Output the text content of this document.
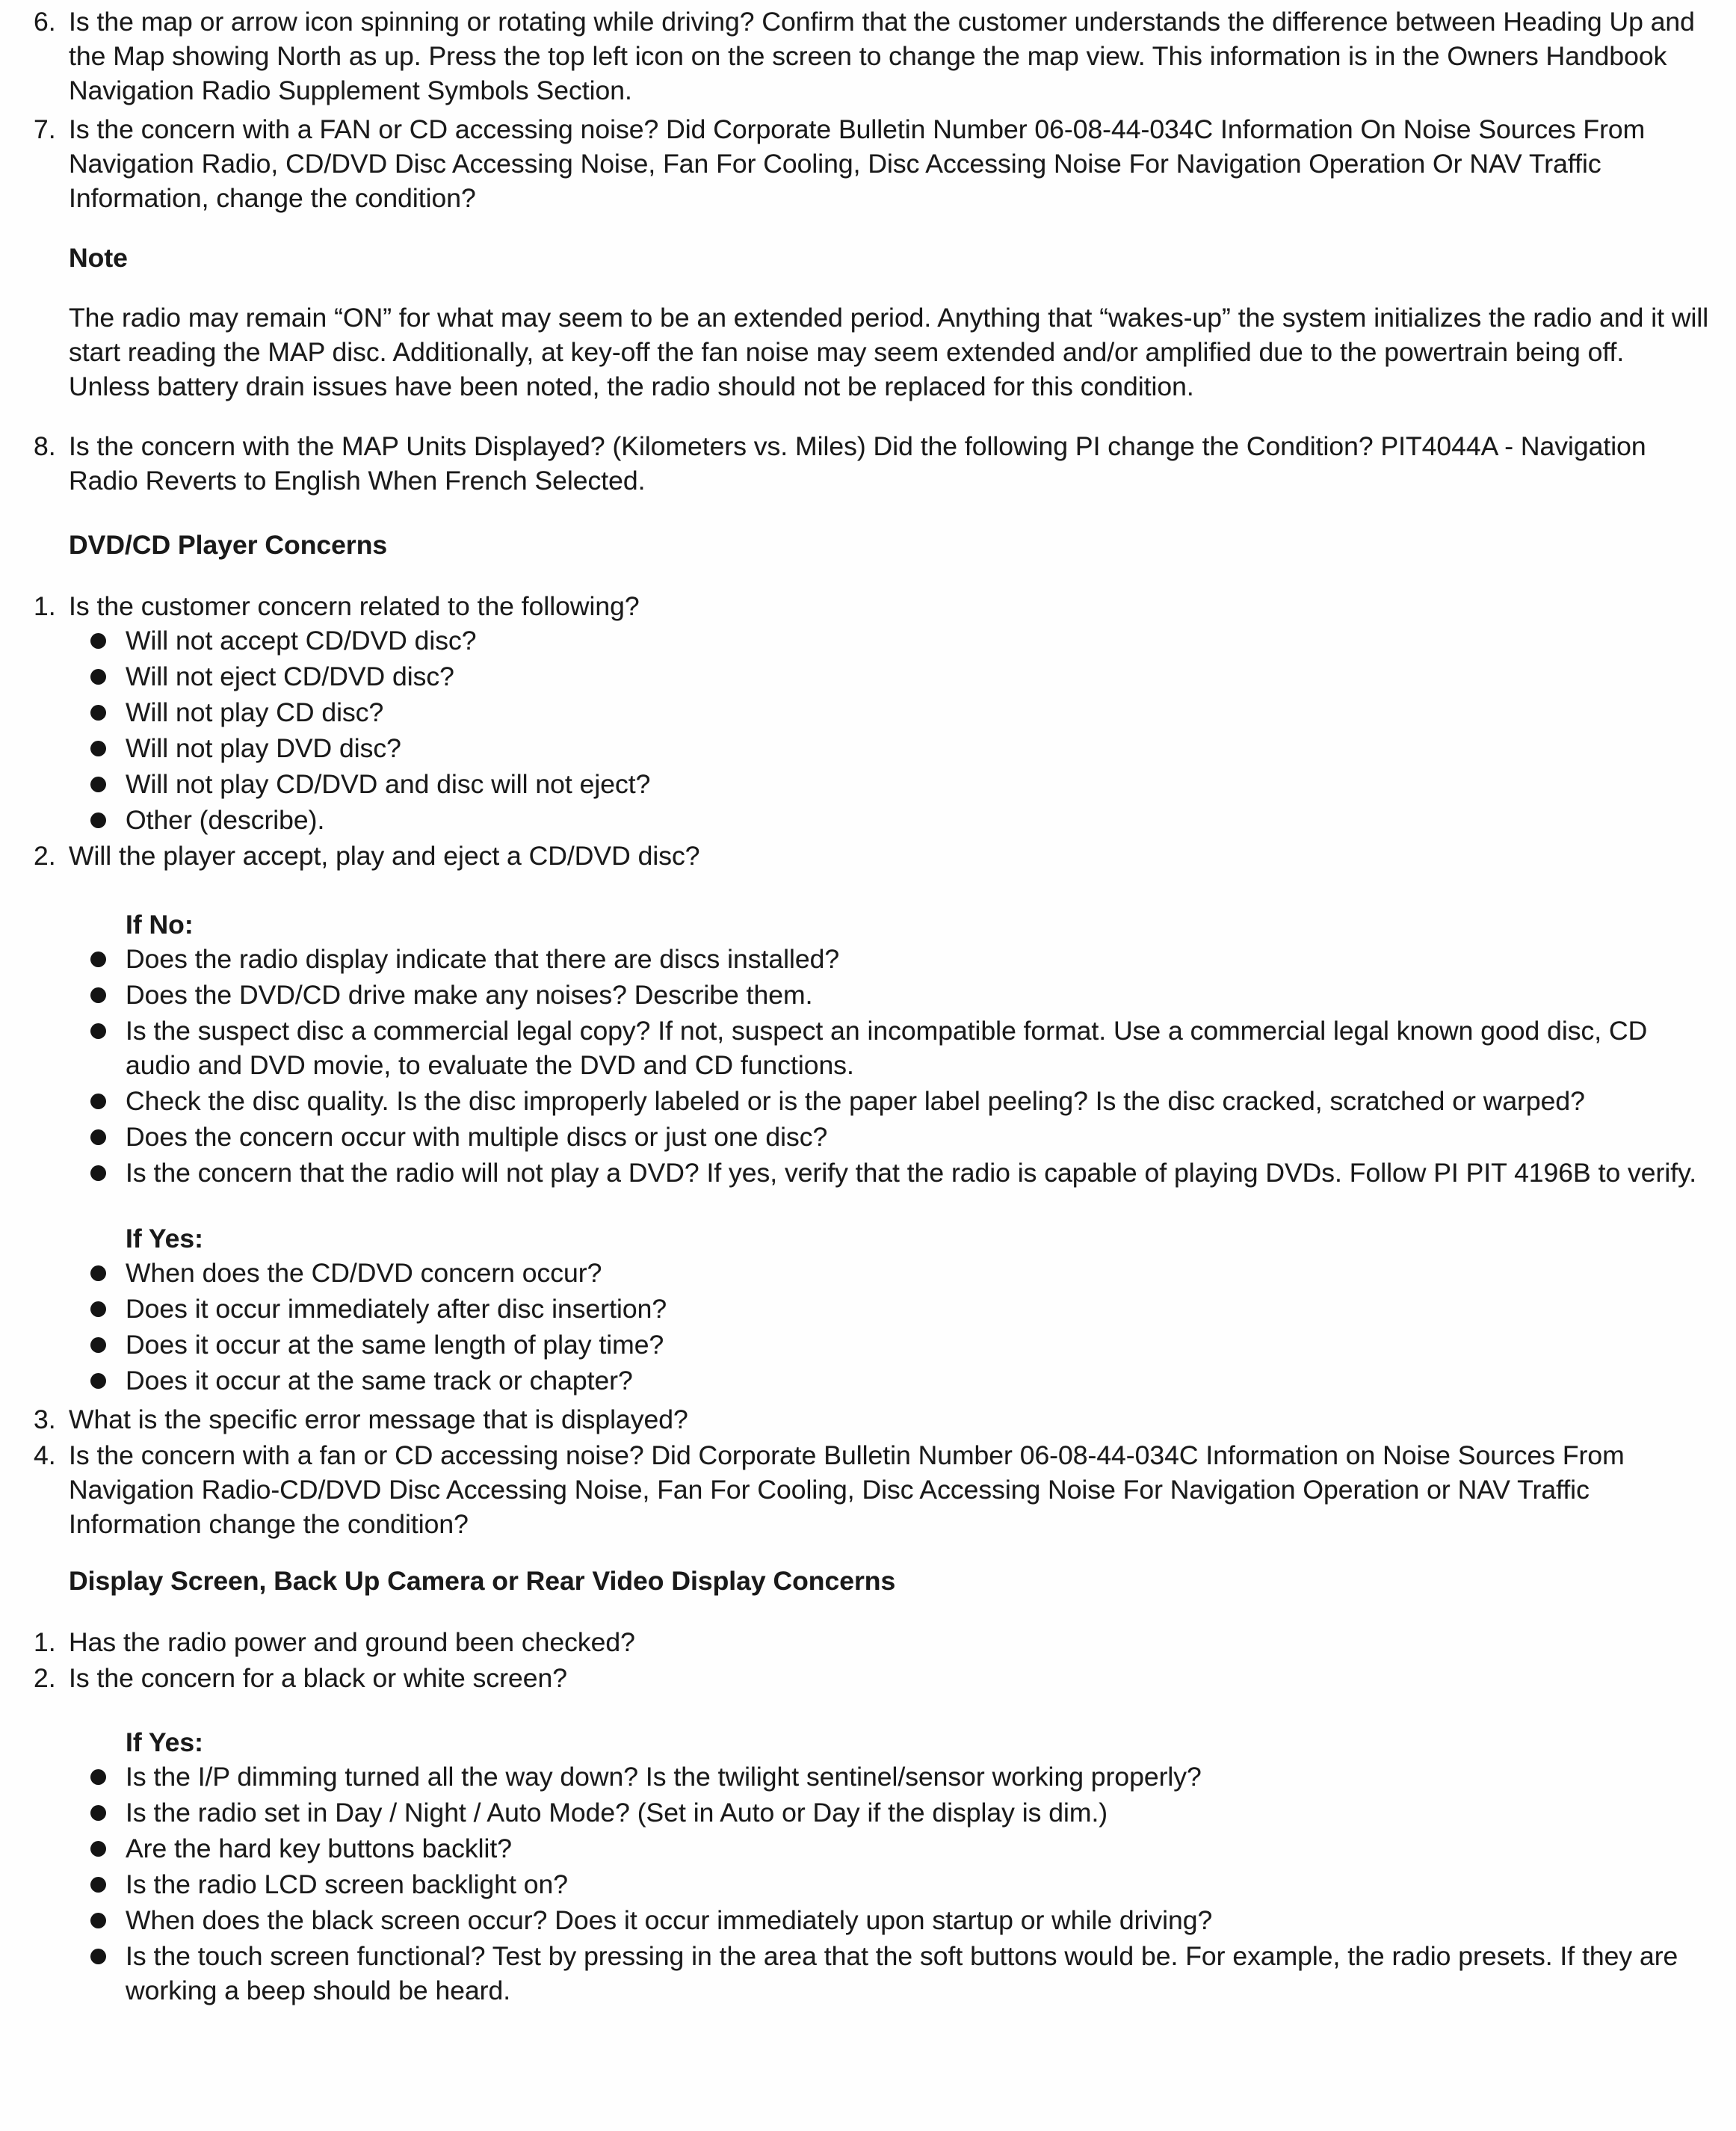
6. Is the map or arrow icon spinning or rotating while driving? Confirm that the customer understands the difference between Heading Up and the Map showing North as up. Press the top left icon on the screen to change the map view. This information is in the Owners Handbook Navigation Radio Supplement Symbols Section.
7. Is the concern with a FAN or CD accessing noise? Did Corporate Bulletin Number 06-08-44-034C Information On Noise Sources From Navigation Radio, CD/DVD Disc Accessing Noise, Fan For Cooling, Disc Accessing Noise For Navigation Operation Or NAV Traffic Information, change the condition?
Note
The radio may remain “ON” for what may seem to be an extended period. Anything that “wakes-up” the system initializes the radio and it will start reading the MAP disc. Additionally, at key-off the fan noise may seem extended and/or amplified due to the powertrain being off. Unless battery drain issues have been noted, the radio should not be replaced for this condition.
8. Is the concern with the MAP Units Displayed? (Kilometers vs. Miles) Did the following PI change the Condition? PIT4044A - Navigation Radio Reverts to English When French Selected.
DVD/CD Player Concerns
1. Is the customer concern related to the following?
Will not accept CD/DVD disc?
Will not eject CD/DVD disc?
Will not play CD disc?
Will not play DVD disc?
Will not play CD/DVD and disc will not eject?
Other (describe).
2. Will the player accept, play and eject a CD/DVD disc?
If No:
Does the radio display indicate that there are discs installed?
Does the DVD/CD drive make any noises? Describe them.
Is the suspect disc a commercial legal copy? If not, suspect an incompatible format. Use a commercial legal known good disc, CD audio and DVD movie, to evaluate the DVD and CD functions.
Check the disc quality. Is the disc improperly labeled or is the paper label peeling? Is the disc cracked, scratched or warped?
Does the concern occur with multiple discs or just one disc?
Is the concern that the radio will not play a DVD? If yes, verify that the radio is capable of playing DVDs. Follow PI PIT 4196B to verify.
If Yes:
When does the CD/DVD concern occur?
Does it occur immediately after disc insertion?
Does it occur at the same length of play time?
Does it occur at the same track or chapter?
3. What is the specific error message that is displayed?
4. Is the concern with a fan or CD accessing noise? Did Corporate Bulletin Number 06-08-44-034C Information on Noise Sources From Navigation Radio-CD/DVD Disc Accessing Noise, Fan For Cooling, Disc Accessing Noise For Navigation Operation or NAV Traffic Information change the condition?
Display Screen, Back Up Camera or Rear Video Display Concerns
1. Has the radio power and ground been checked?
2. Is the concern for a black or white screen?
If Yes:
Is the I/P dimming turned all the way down? Is the twilight sentinel/sensor working properly?
Is the radio set in Day / Night / Auto Mode? (Set in Auto or Day if the display is dim.)
Are the hard key buttons backlit?
Is the radio LCD screen backlight on?
When does the black screen occur? Does it occur immediately upon startup or while driving?
Is the touch screen functional? Test by pressing in the area that the soft buttons would be. For example, the radio presets. If they are working a beep should be heard.
